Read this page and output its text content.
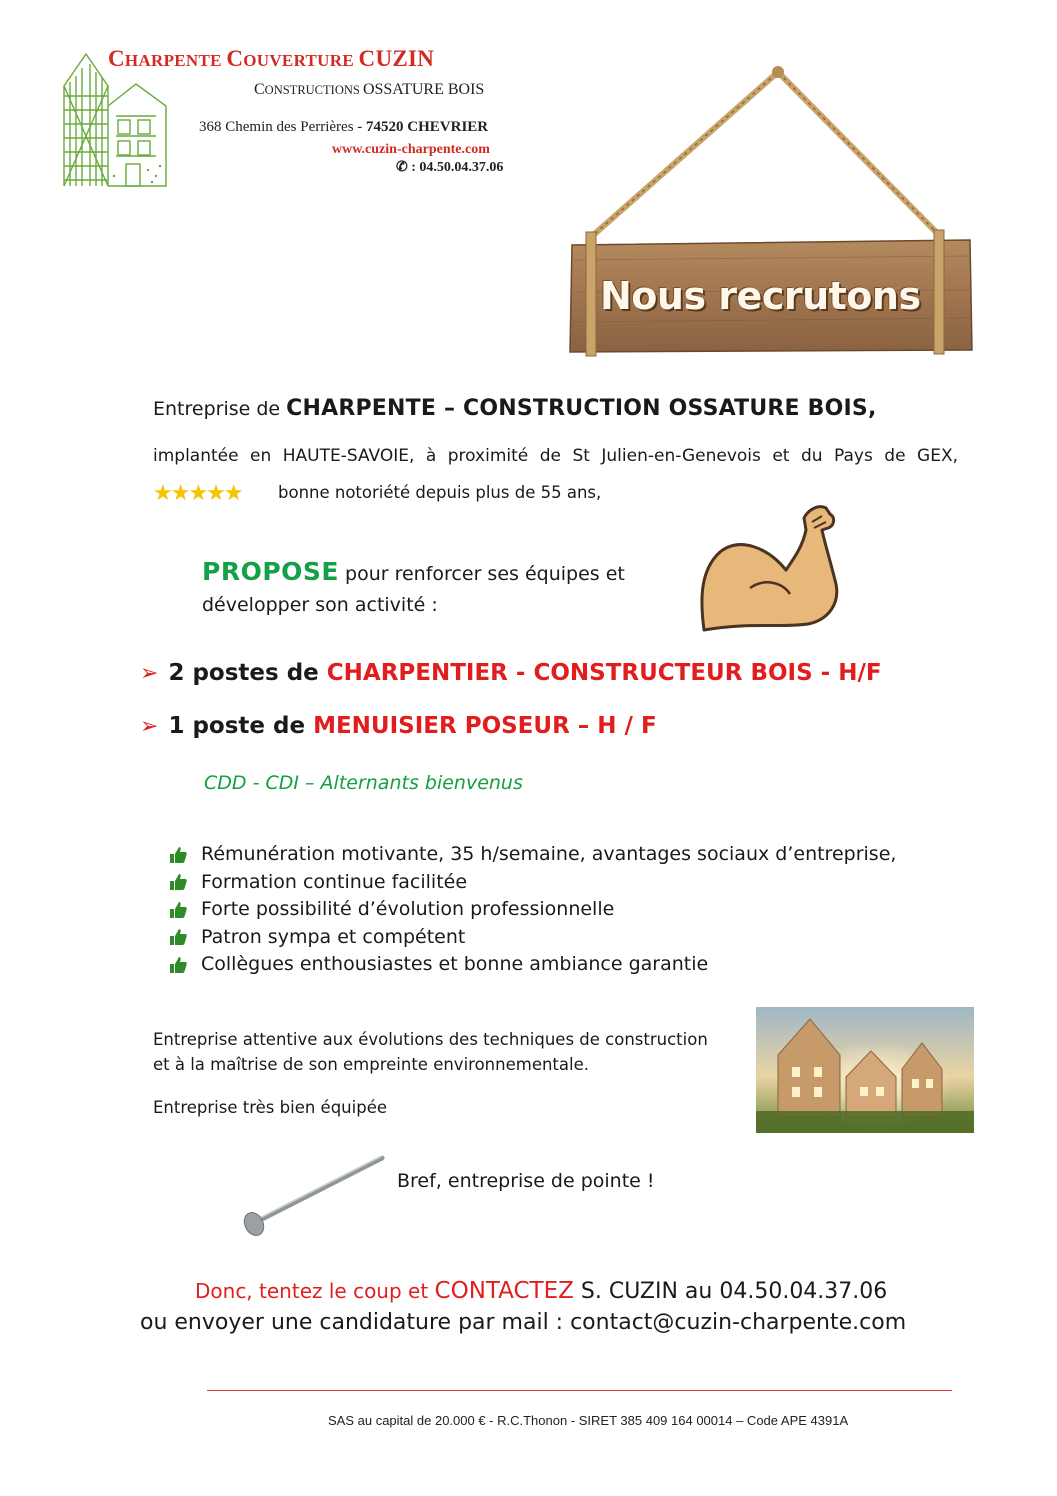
CHARPENTE COUVERTURE CUZIN
CONSTRUCTIONS OSSATURE BOIS
368 Chemin des Perrières - 74520 CHEVRIER
www.cuzin-charpente.com
✆ : 04.50.04.37.06
Nous recrutons
Entreprise de CHARPENTE – CONSTRUCTION OSSATURE BOIS,
implantée en HAUTE-SAVOIE, à proximité de St Julien-en-Genevois et du Pays de GEX,
★★★★★ bonne notoriété depuis plus de 55 ans,
PROPOSE pour renforcer ses équipes et
développer son activité :
➢ 2 postes de CHARPENTIER - CONSTRUCTEUR BOIS - H/F
➢ 1 poste de MENUISIER POSEUR – H / F
CDD - CDI – Alternants bienvenus
Rémunération motivante, 35 h/semaine, avantages sociaux d’entreprise,
Formation continue facilitée
Forte possibilité d’évolution professionnelle
Patron sympa et compétent
Collègues enthousiastes et bonne ambiance garantie
Entreprise attentive aux évolutions des techniques de construction
et à la maîtrise de son empreinte environnementale.
Entreprise très bien équipée
Bref, entreprise de pointe !
Donc, tentez le coup et CONTACTEZ S. CUZIN au 04.50.04.37.06
ou envoyer une candidature par mail : contact@cuzin-charpente.com
SAS au capital de 20.000 € - R.C.Thonon - SIRET 385 409 164 00014 – Code APE 4391A
